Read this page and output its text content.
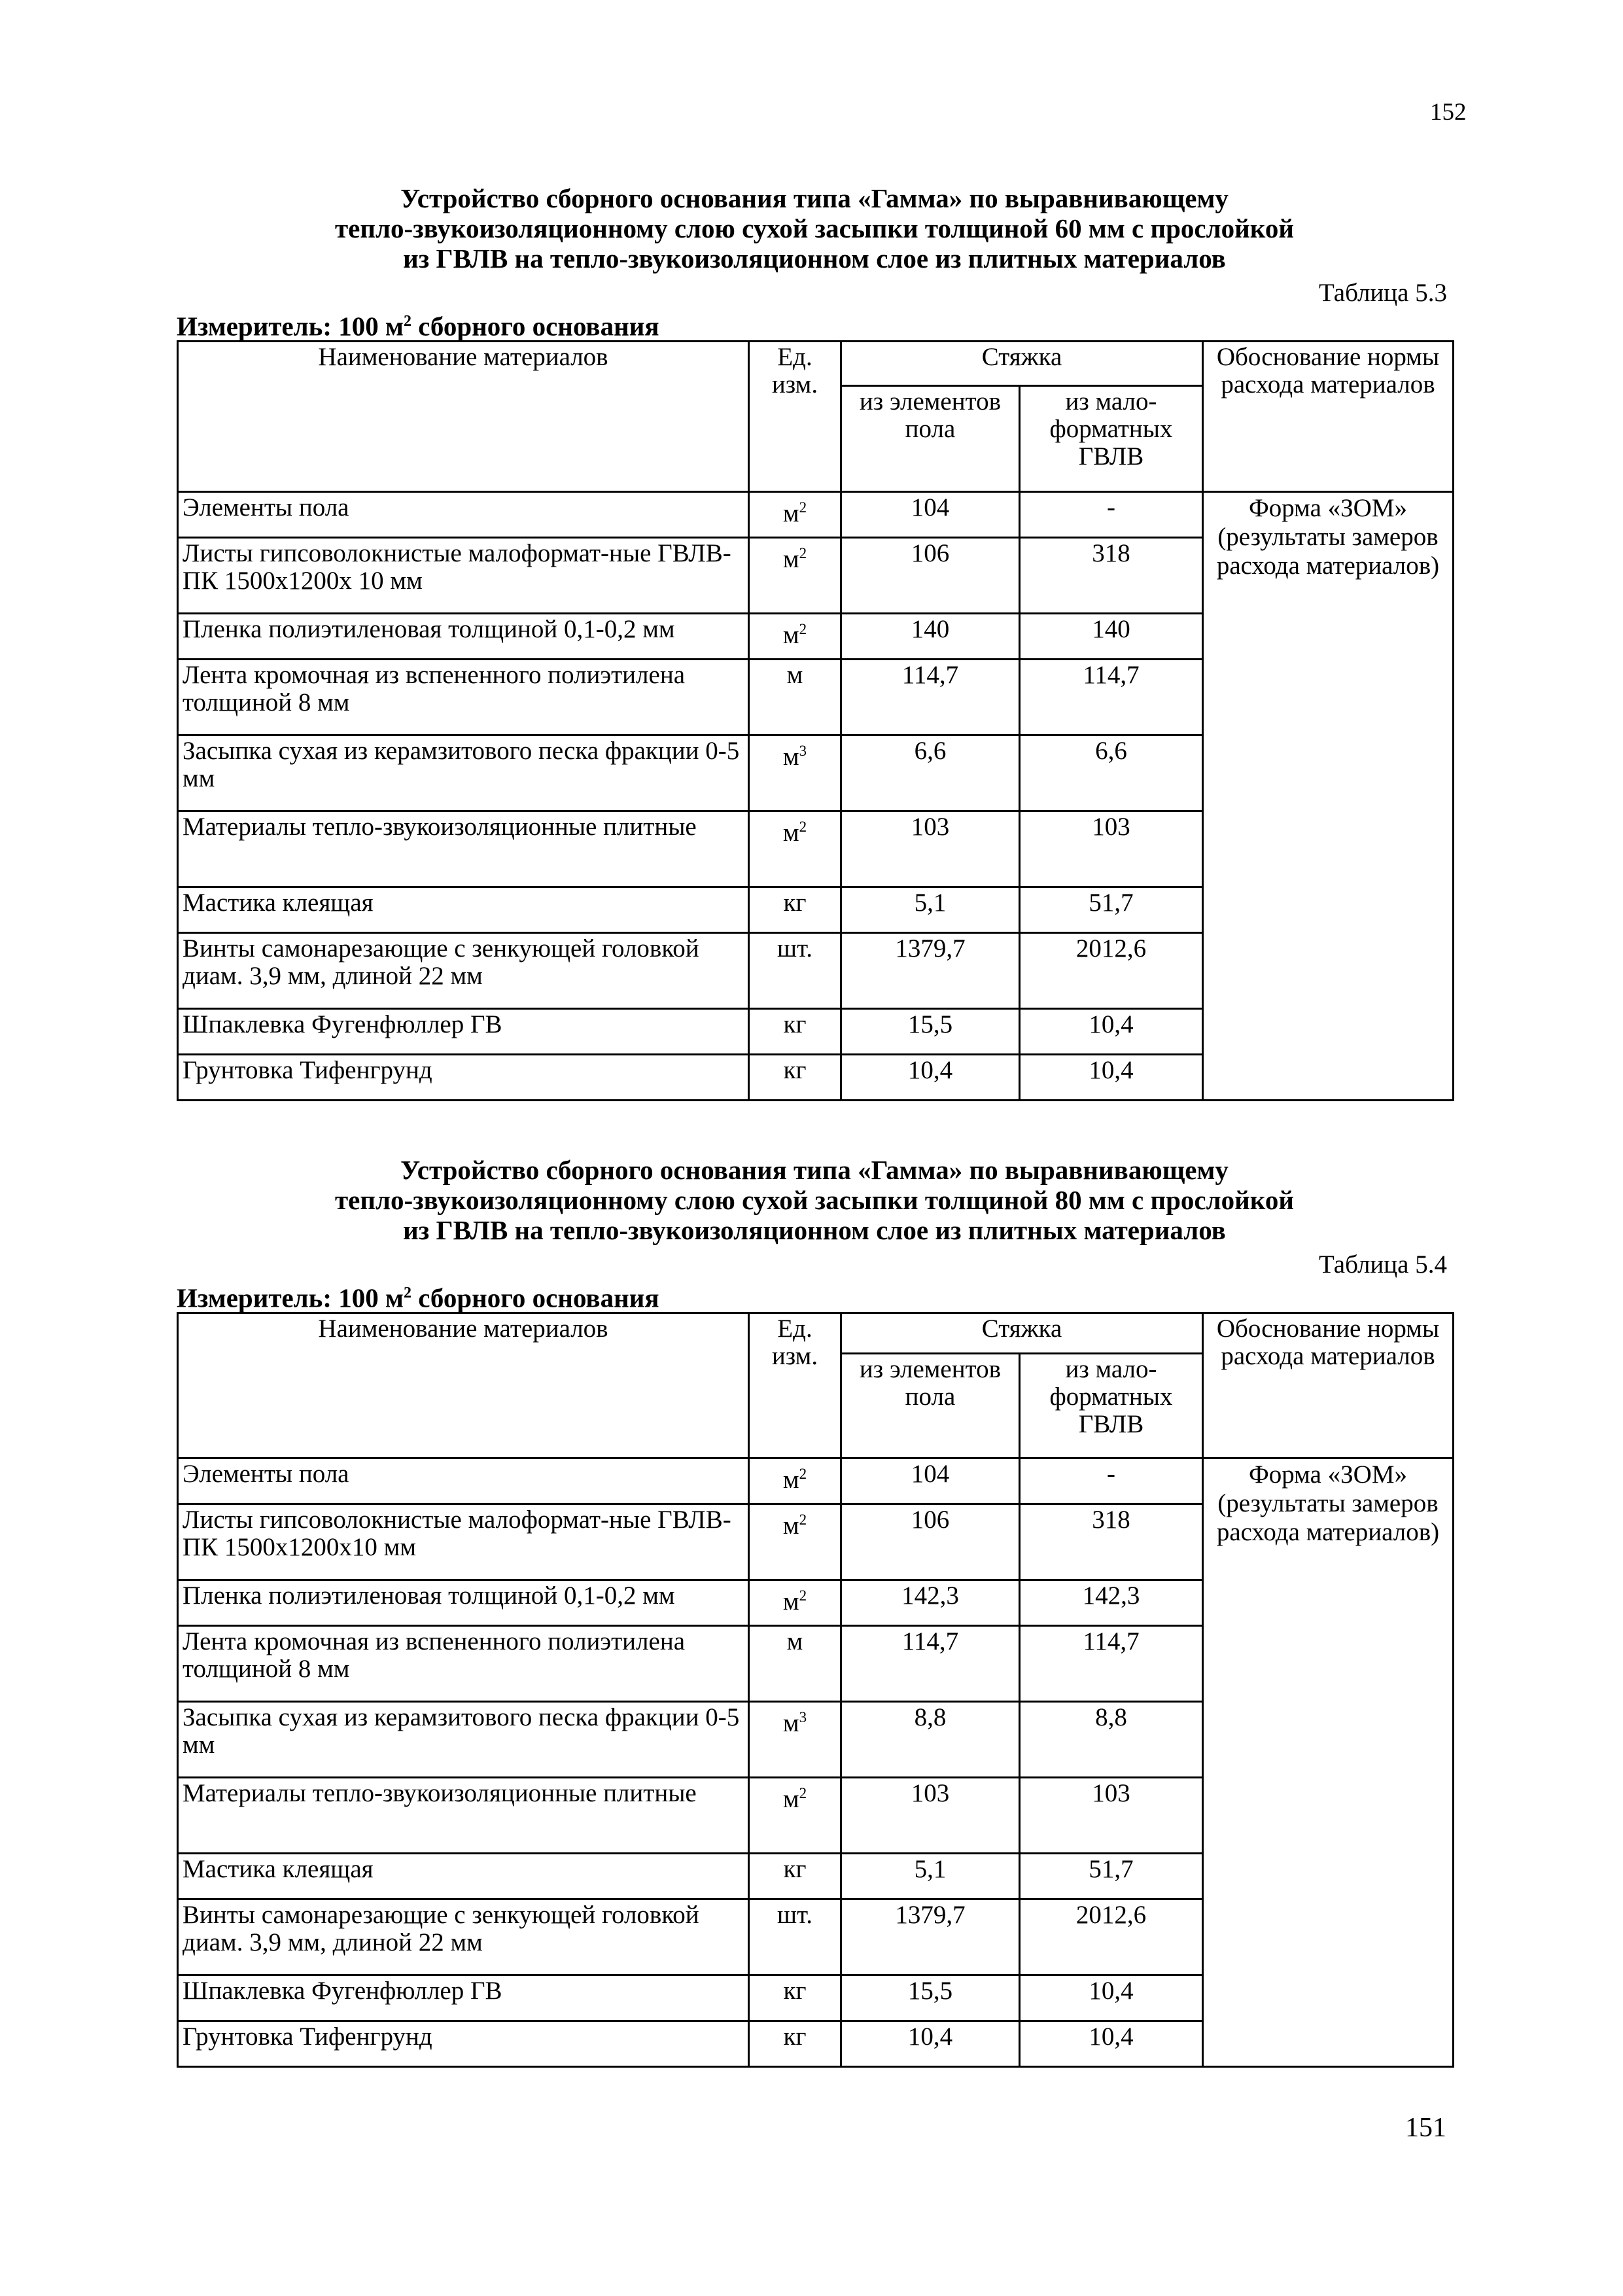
152
Устройство сборного основания типа «Гамма» по выравнивающему
тепло-звукоизоляционному слою сухой засыпки толщиной 60 мм с прослойкой
из ГВЛВ на тепло-звукоизоляционном слое из плитных материалов
Таблица 5.3
Измеритель: 100 $м^2$ сборного основания
Наименование материалов	Ед. изм.	Стяжка		Обоснование нормы расхода материалов
		из элементов пола	из мало-форматных ГВЛВ	
Элементы пола	$м^2$	104	-	Форма «ЗОМ» (результаты замеров расхода материалов)
Листы гипсоволокнистые малоформат-ные ГВЛВ-ПК 1500х1200х 10 мм	$м^2$	106	318	
Пленка полиэтиленовая толщиной 0,1-0,2 мм	$м^2$	140	140	
Лента кромочная из вспененного полиэтилена толщиной 8 мм	м	114,7	114,7	
Засыпка сухая из керамзитового песка фракции 0-5 мм	$м^3$	6,6	6,6	
Материалы тепло-звукоизоляционные плитные	$м^2$	103	103	
Мастика клеящая	кг	5,1	51,7	
Винты самонарезающие с зенкующей головкой диам. 3,9 мм, длиной 22 мм	шт.	1379,7	2012,6	
Шпаклевка Фугенфюллер ГВ	кг	15,5	10,4	
Грунтовка Тифенгрунд	кг	10,4	10,4	
Устройство сборного основания типа «Гамма» по выравнивающему
тепло-звукоизоляционному слою сухой засыпки толщиной 80 мм с прослойкой
из ГВЛВ на тепло-звукоизоляционном слое из плитных материалов
Таблица 5.4
Измеритель: 100 $м^2$ сборного основания
Наименование материалов	Ед. изм.	Стяжка		Обоснование нормы расхода материалов
		из элементов пола	из мало-форматных ГВЛВ	
Элементы пола	$м^2$	104	-	Форма «ЗОМ» (результаты замеров расхода материалов)
Листы гипсоволокнистые малоформат-ные ГВЛВ-ПК 1500х1200х10 мм	$м^2$	106	318	
Пленка полиэтиленовая толщиной 0,1-0,2 мм	$м^2$	142,3	142,3	
Лента кромочная из вспененного полиэтилена толщиной 8 мм	м	114,7	114,7	
Засыпка сухая из керамзитового песка фракции 0-5 мм	$м^3$	8,8	8,8	
Материалы тепло-звукоизоляционные плитные	$м^2$	103	103	
Мастика клеящая	кг	5,1	51,7	
Винты самонарезающие с зенкующей головкой диам. 3,9 мм, длиной 22 мм	шт.	1379,7	2012,6	
Шпаклевка Фугенфюллер ГВ	кг	15,5	10,4	
Грунтовка Тифенгрунд	кг	10,4	10,4	
151
